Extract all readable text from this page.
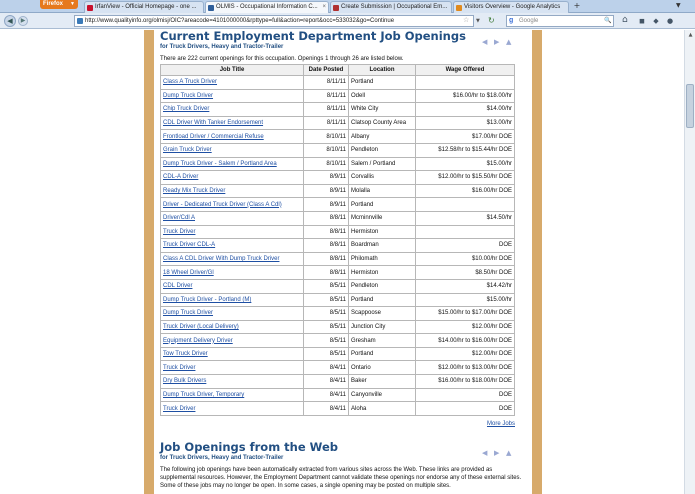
Firefox ▼	IrfanView - Official Homepage - one ...	OLMIS - Occupational Information C... ×	Create Submission | Occupational Em...	Visitors Overview - Google Analytics	+	▼
◀	▶	http://www.qualityinfo.org/olmisj/OIC?areacode=4101000000&rpttype=full&action=report&occ=533032&go=Continue	☆ ▼ ↻ g Google	🔍 ⌂ ◼	◆	●
Current Employment Department Job Openings
for Truck Drivers, Heavy and Tractor-Trailer
◀ ▶ ▲
There are 222 current openings for this occupation. Openings 1 through 26 are listed below.
Job Title	Date Posted	Location	Wage Offered
Class A Truck Driver	8/11/11	Portland	
Dump Truck Driver	8/11/11	Odell	$16.00/hr to $18.00/hr
Chip Truck Driver	8/11/11	White City	$14.00/hr
CDL Driver With Tanker Endorsement	8/11/11	Clatsop County Area	$13.00/hr
Frontload Driver / Commercial Refuse	8/10/11	Albany	$17.00/hr DOE
Grain Truck Driver	8/10/11	Pendleton	$12.58/hr to $15.44/hr DOE
Dump Truck Driver - Salem / Portland Area	8/10/11	Salem / Portland	$15.00/hr
CDL-A Driver	8/9/11	Corvallis	$12.00/hr to $15.50/hr DOE
Ready Mix Truck Driver	8/9/11	Molalla	$16.00/hr DOE
Driver - Dedicated Truck Driver (Class A Cdl)	8/9/11	Portland	
Driver/Cdl A	8/8/11	Mcminnville	$14.50/hr
Truck Driver	8/8/11	Hermiston	
Truck Driver CDL-A	8/8/11	Boardman	DOE
Class A CDL Driver With Dump Truck Driver	8/8/11	Philomath	$10.00/hr DOE
18 Wheel Driver/Gl	8/8/11	Hermiston	$8.50/hr DOE
CDL Driver	8/5/11	Pendleton	$14.42/hr
Dump Truck Driver - Portland (M)	8/5/11	Portland	$15.00/hr
Dump Truck Driver	8/5/11	Scappoose	$15.00/hr to $17.00/hr DOE
Truck Driver (Local Delivery)	8/5/11	Junction City	$12.00/hr DOE
Equipment Delivery Driver	8/5/11	Gresham	$14.00/hr to $16.00/hr DOE
Tow Truck Driver	8/5/11	Portland	$12.00/hr DOE
Truck Driver	8/4/11	Ontario	$12.00/hr to $13.00/hr DOE
Dry Bulk Drivers	8/4/11	Baker	$16.00/hr to $18.00/hr DOE
Dump Truck Driver, Temporary	8/4/11	Canyonville	DOE
Truck Driver	8/4/11	Aloha	DOE
More Jobs
Job Openings from the Web
for Truck Drivers, Heavy and Tractor-Trailer
◀ ▶ ▲
The following job openings have been automatically extracted from various sites across the Web. These links are provided as supplemental resources. However, the Employment Department cannot validate these openings nor endorse any of these external sites. Some of these jobs may no longer be open. In some cases, a single opening may be posted on multiple sites.
▲
